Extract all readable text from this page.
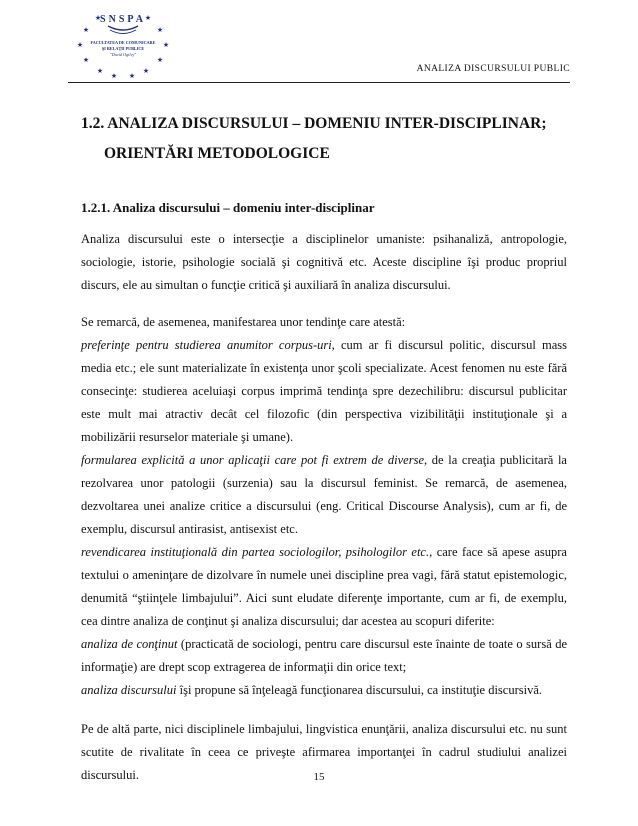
SNSPA
FACULTATEA DE COMUNICARE
ŞI RELAŢII PUBLICE
"David Ogilvy"
★	★
★	★
★	★
★	★
★	★
★ ★
ANALIZA DISCURSULUI PUBLIC
1.2. ANALIZA DISCURSULUI – DOMENIU INTER-DISCIPLINAR;
ORIENTĂRI METODOLOGICE
1.2.1. Analiza discursului – domeniu inter-disciplinar

Analiza discursului este o intersecţie a disciplinelor umaniste: psihanaliză, antropologie, sociologie, istorie, psihologie socială şi cognitivă etc. Aceste discipline îşi produc propriul discurs, ele au simultan o funcţie critică şi auxiliară în analiza discursului.

Se remarcă, de asemenea, manifestarea unor tendinţe care atestă:

preferinţe pentru studierea anumitor corpus-uri, cum ar fi discursul politic, discursul mass media etc.; ele sunt materializate în existenţa unor şcoli specializate. Acest fenomen nu este fără consecinţe: studierea aceluiaşi corpus imprimă tendinţa spre dezechilibru: discursul publicitar este mult mai atractiv decât cel filozofic (din perspectiva vizibilităţii instituţionale şi a mobilizării resurselor materiale şi umane).

formularea explicită a unor aplicaţii care pot fi extrem de diverse, de la creaţia publicitară la rezolvarea unor patologii (surzenia) sau la discursul feminist. Se remarcă, de asemenea, dezvoltarea unei analize critice a discursului (eng. Critical Discourse Analysis), cum ar fi, de exemplu, discursul antirasist, antisexist etc.

revendicarea instituţională din partea sociologilor, psihologilor etc., care face să apese asupra textului o ameninţare de dizolvare în numele unei discipline prea vagi, fără statut epistemologic, denumită “ştiinţele limbajului”. Aici sunt eludate diferenţe importante, cum ar fi, de exemplu, cea dintre analiza de conţinut şi analiza discursului; dar acestea au scopuri diferite:

analiza de conţinut (practicată de sociologi, pentru care discursul este înainte de toate o sursă de informaţie) are drept scop extragerea de informaţii din orice text;

analiza discursului îşi propune să înţeleagă funcţionarea discursului, ca instituţie discursivă.

Pe de altă parte, nici disciplinele limbajului, lingvistica enunţării, analiza discursului etc. nu sunt scutite de rivalitate în ceea ce priveşte afirmarea importanţei în cadrul studiului analizei discursului.	15
